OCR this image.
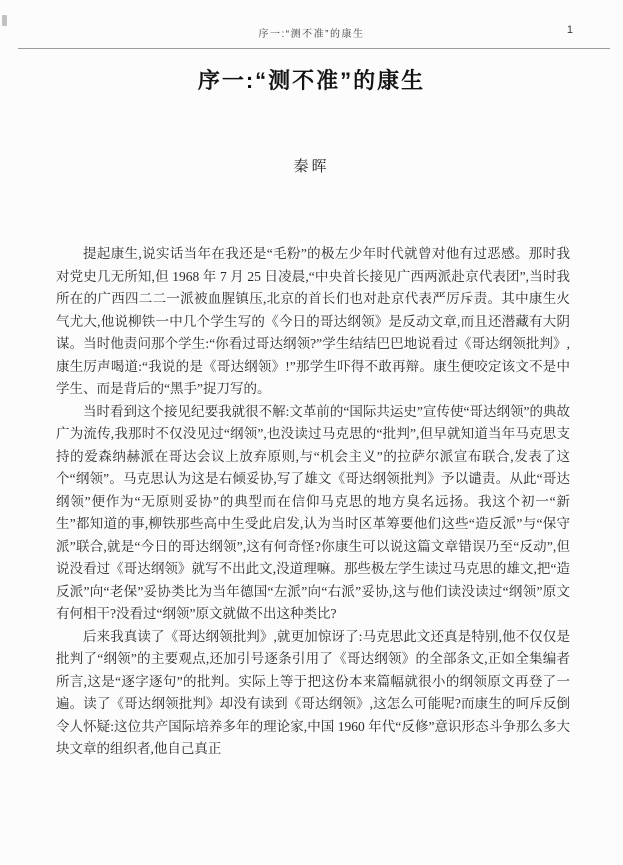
序一:“测不准”的康生	1
序一:“测不准”的康生
秦晖

提起康生,说实话当年在我还是“毛粉”的极左少年时代就曾对他有过恶感。那时我对党史几无所知,但 1968 年 7 月 25 日凌晨,“中央首长接见广西两派赴京代表团”,当时我所在的广西四二二一派被血腥镇压,北京的首长们也对赴京代表严厉斥责。其中康生火气尤大,他说柳铁一中几个学生写的《今日的哥达纲领》是反动文章,而且还潜藏有大阴谋。当时他责问那个学生:“你看过哥达纲领?”学生结结巴巴地说看过《哥达纲领批判》,康生厉声喝道:“我说的是《哥达纲领》!”那学生吓得不敢再辩。康生便咬定该文不是中学生、而是背后的“黑手”捉刀写的。

当时看到这个接见纪要我就很不解:文革前的“国际共运史”宣传使“哥达纲领”的典故广为流传,我那时不仅没见过“纲领”,也没读过马克思的“批判”,但早就知道当年马克思支持的爱森纳赫派在哥达会议上放弃原则,与“机会主义”的拉萨尔派宣布联合,发表了这个“纲领”。马克思认为这是右倾妥协,写了雄文《哥达纲领批判》予以谴责。从此“哥达纲领”便作为“无原则妥协”的典型而在信仰马克思的地方臭名远扬。我这个初一“新生”都知道的事,柳铁那些高中生受此启发,认为当时区革筹要他们这些“造反派”与“保守派”联合,就是“今日的哥达纲领”,这有何奇怪?你康生可以说这篇文章错误乃至“反动”,但说没看过《哥达纲领》就写不出此文,没道理嘛。那些极左学生读过马克思的雄文,把“造反派”向“老保”妥协类比为当年德国“左派”向“右派”妥协,这与他们读没读过“纲领”原文有何相干?没看过“纲领”原文就做不出这种类比?

后来我真读了《哥达纲领批判》,就更加惊讶了:马克思此文还真是特别,他不仅仅是批判了“纲领”的主要观点,还加引号逐条引用了《哥达纲领》的全部条文,正如全集编者所言,这是“逐字逐句”的批判。实际上等于把这份本来篇幅就很小的纲领原文再登了一遍。读了《哥达纲领批判》却没有读到《哥达纲领》,这怎么可能呢?而康生的呵斥反倒令人怀疑:这位共产国际培养多年的理论家,中国 1960 年代“反修”意识形态斗争那么多大块文章的组织者,他自己真正
